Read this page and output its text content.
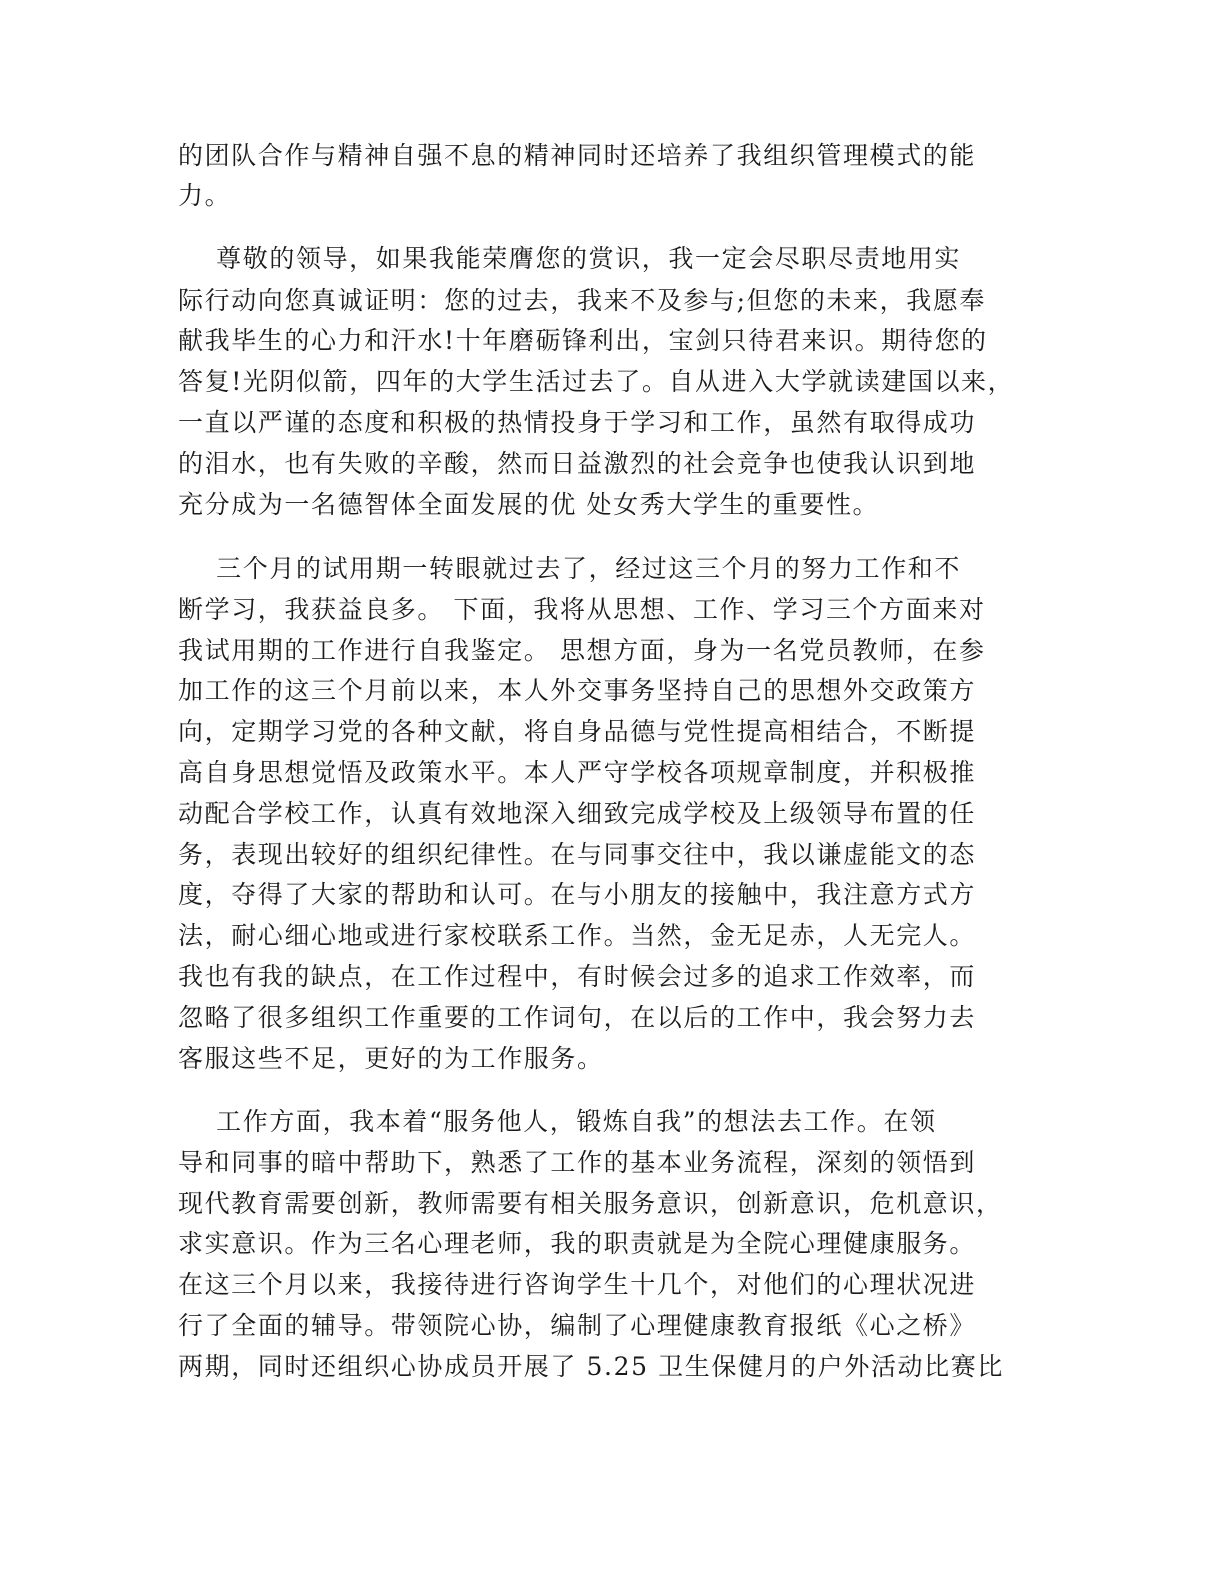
的团队合作与精神自强不息的精神同时还培养了我组织管理模式的能
力。
尊敬的领导，如果我能荣膺您的赏识，我一定会尽职尽责地用实
际行动向您真诚证明：您的过去，我来不及参与;但您的未来，我愿奉
献我毕生的心力和汗水!十年磨砺锋利出，宝剑只待君来识。期待您的
答复!光阴似箭，四年的大学生活过去了。自从进入大学就读建国以来，
一直以严谨的态度和积极的热情投身于学习和工作，虽然有取得成功
的泪水，也有失败的辛酸，然而日益激烈的社会竞争也使我认识到地
充分成为一名德智体全面发展的优 处女秀大学生的重要性。
三个月的试用期一转眼就过去了，经过这三个月的努力工作和不
断学习，我获益良多。 下面，我将从思想、工作、学习三个方面来对
我试用期的工作进行自我鉴定。 思想方面，身为一名党员教师，在参
加工作的这三个月前以来，本人外交事务坚持自己的思想外交政策方
向，定期学习党的各种文献，将自身品德与党性提高相结合，不断提
高自身思想觉悟及政策水平。本人严守学校各项规章制度，并积极推
动配合学校工作，认真有效地深入细致完成学校及上级领导布置的任
务，表现出较好的组织纪律性。在与同事交往中，我以谦虚能文的态
度，夺得了大家的帮助和认可。在与小朋友的接触中，我注意方式方
法，耐心细心地或进行家校联系工作。当然，金无足赤，人无完人。
我也有我的缺点，在工作过程中，有时候会过多的追求工作效率，而
忽略了很多组织工作重要的工作词句，在以后的工作中，我会努力去
客服这些不足，更好的为工作服务。
工作方面，我本着“服务他人，锻炼自我”的想法去工作。在领
导和同事的暗中帮助下，熟悉了工作的基本业务流程，深刻的领悟到
现代教育需要创新，教师需要有相关服务意识，创新意识，危机意识，
求实意识。作为三名心理老师，我的职责就是为全院心理健康服务。
在这三个月以来，我接待进行咨询学生十几个，对他们的心理状况进
行了全面的辅导。带领院心协，编制了心理健康教育报纸《心之桥》
两期，同时还组织心协成员开展了 5.25 卫生保健月的户外活动比赛比
